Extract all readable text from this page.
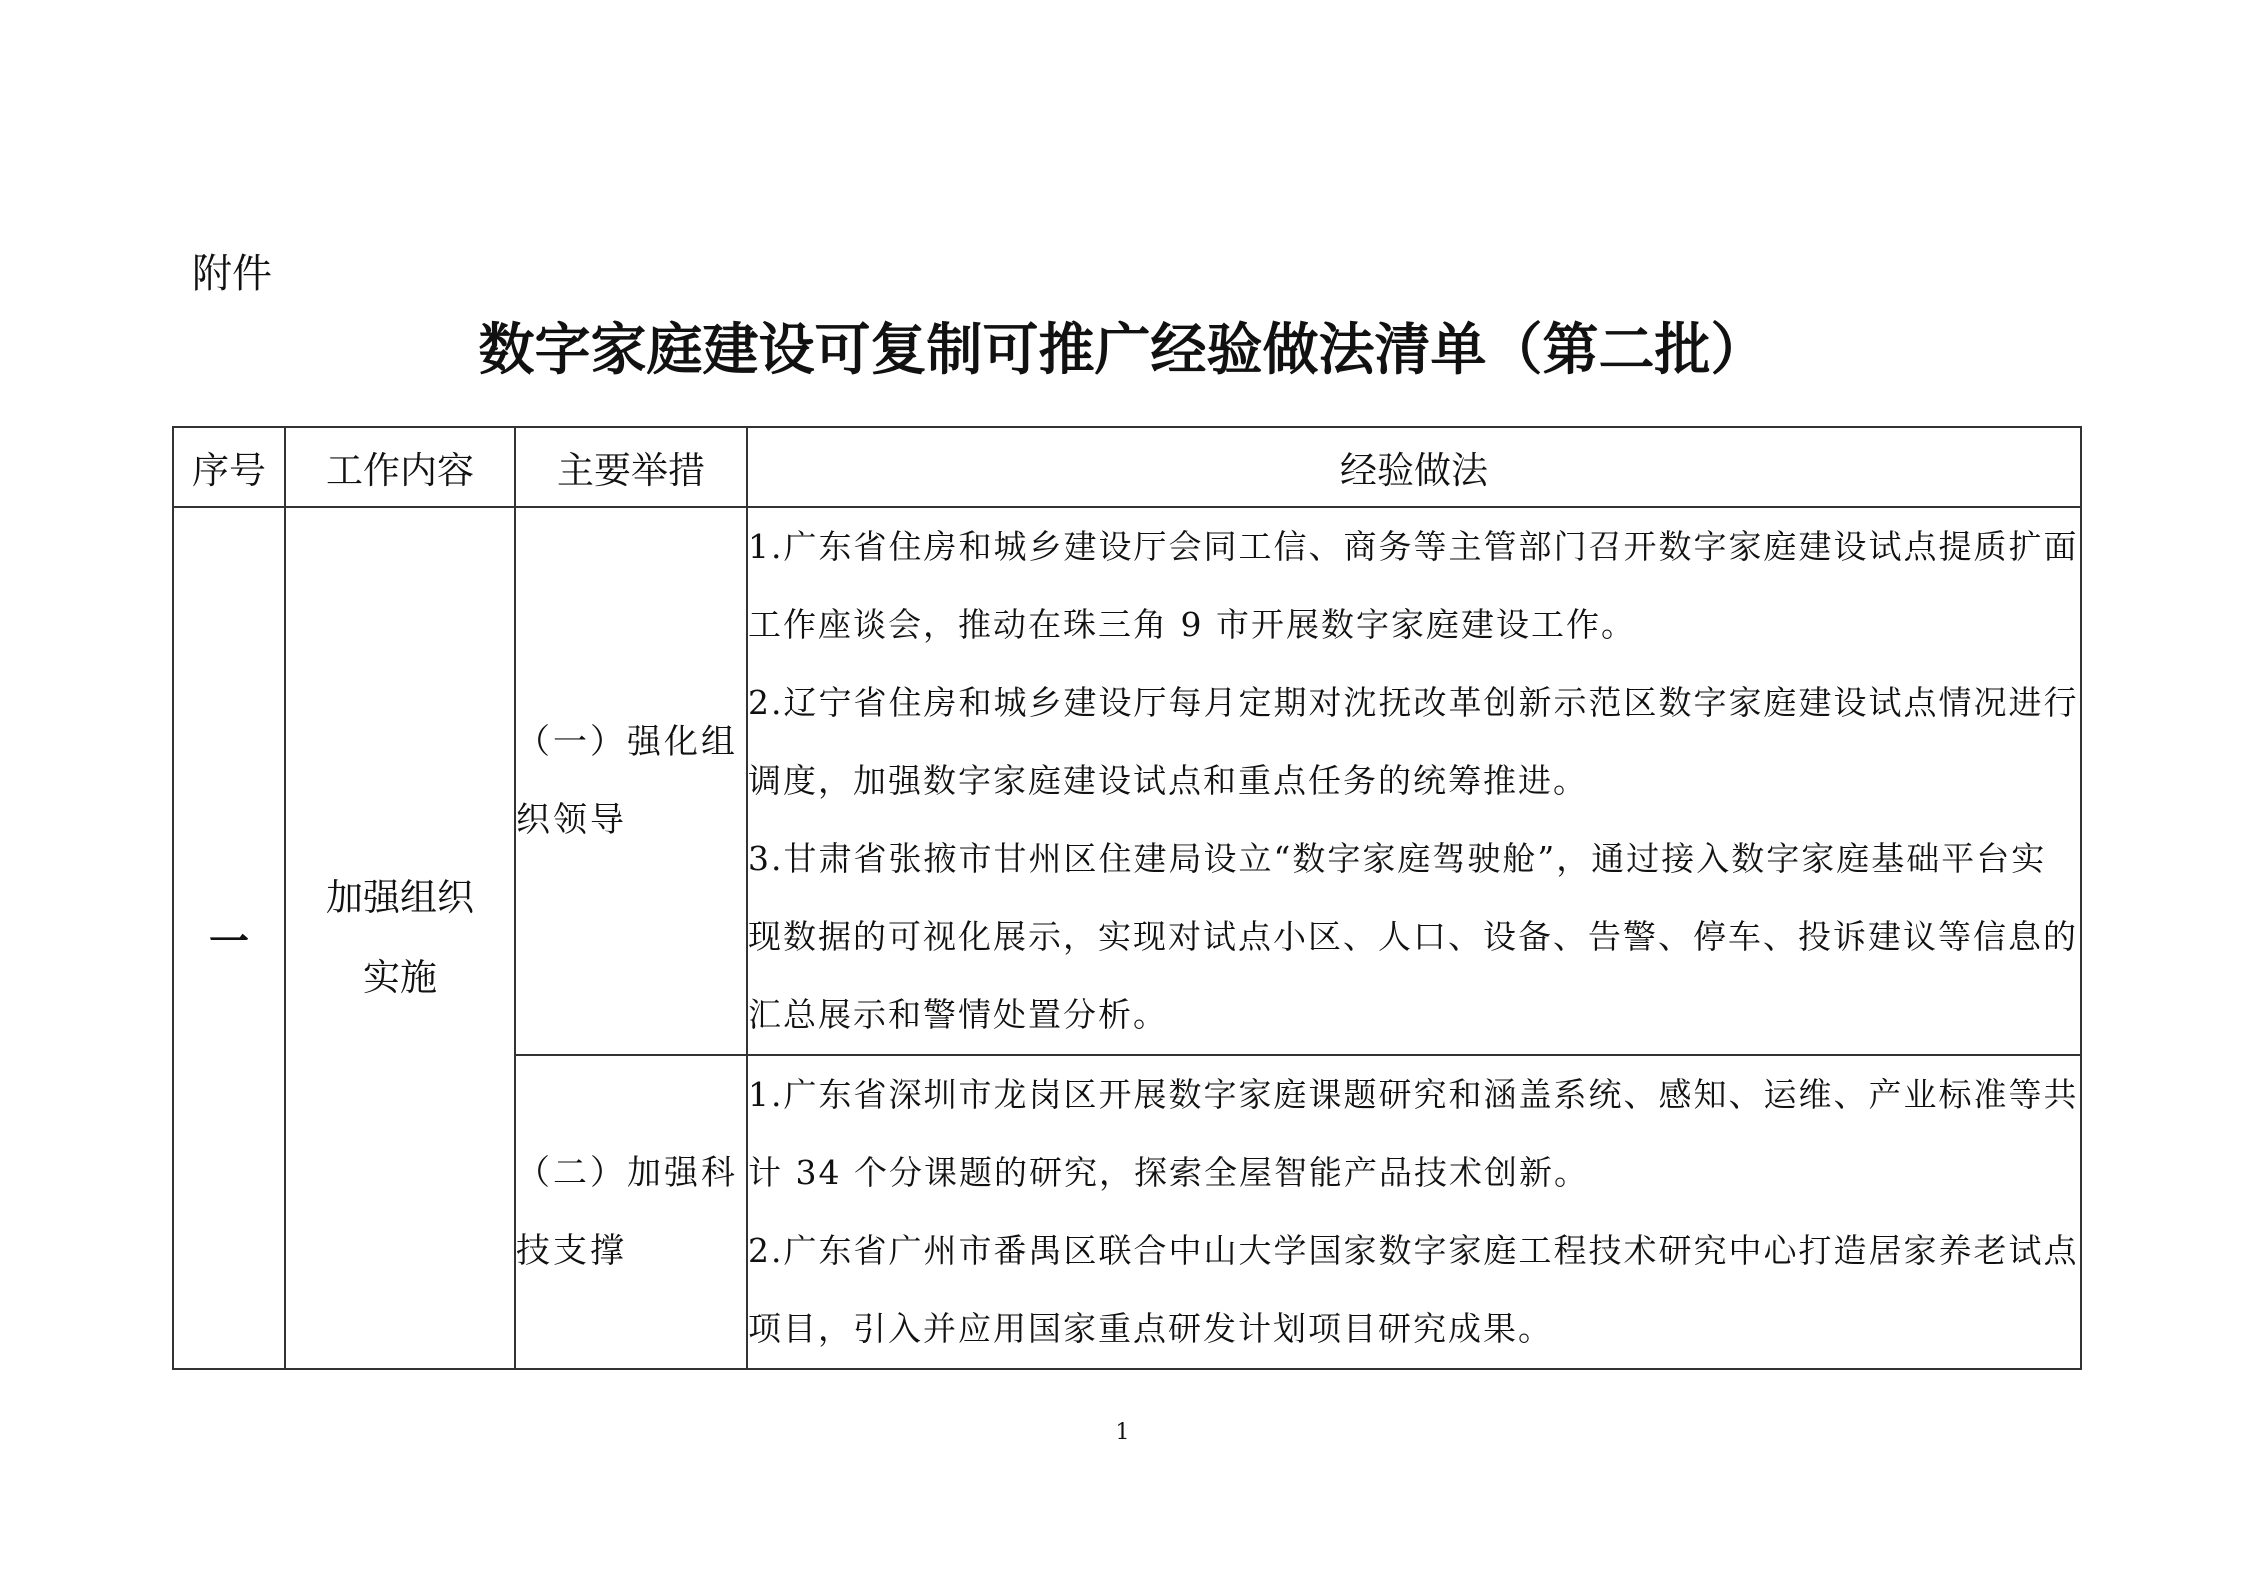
附件
数字家庭建设可复制可推广经验做法清单（第二批）
序号	工作内容	主要举措	经验做法
一	加强组织实施	（一）强化组织领导	1.广东省住房和城乡建设厅会同工信、商务等主管部门召开数字家庭建设试点提质扩面工作座谈会，推动在珠三角 9 市开展数字家庭建设工作。

2.辽宁省住房和城乡建设厅每月定期对沈抚改革创新示范区数字家庭建设试点情况进行调度，加强数字家庭建设试点和重点任务的统筹推进。

3.甘肃省张掖市甘州区住建局设立“数字家庭驾驶舱”，通过接入数字家庭基础平台实现数据的可视化展示，实现对试点小区、人口、设备、告警、停车、投诉建议等信息的汇总展示和警情处置分析。

		（二）加强科技支撑	1.广东省深圳市龙岗区开展数字家庭课题研究和涵盖系统、感知、运维、产业标准等共计 34 个分课题的研究，探索全屋智能产品技术创新。

2.广东省广州市番禺区联合中山大学国家数字家庭工程技术研究中心打造居家养老试点项目，引入并应用国家重点研发计划项目研究成果。

1
